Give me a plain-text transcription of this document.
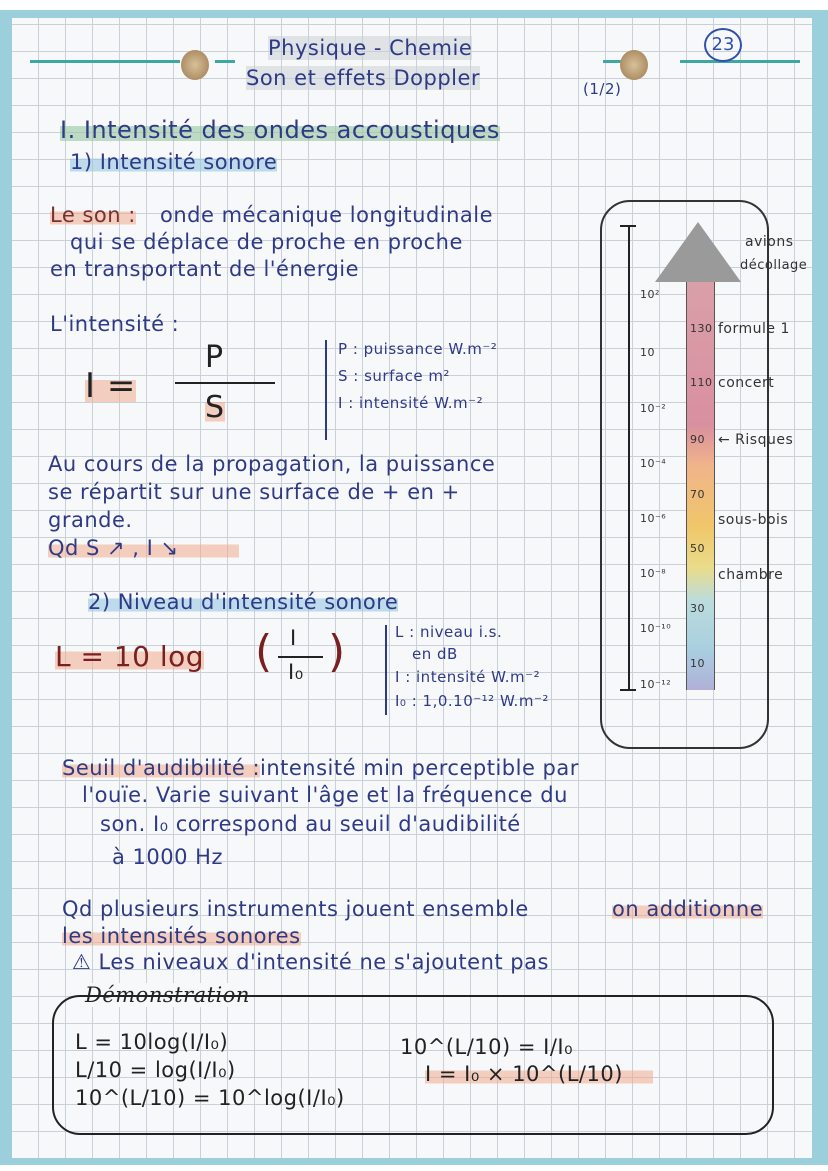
Physique - Chemie
Son et effets Doppler	(1/2)
23
I. Intensité des ondes accoustiques
1) Intensité sonore
Le son : onde mécanique longitudinale
qui se déplace de proche en proche
en transportant de l'énergie
L'intensité :
I =
P
S
P : puissance W.m⁻²
S : surface m²
I : intensité W.m⁻²
Au cours de la propagation, la puissance
se répartit sur une surface de + en +
grande.
Qd S ↗ , I ↘
2) Niveau d'intensité sonore
L = 10 log ( I
I₀ )	L : niveau i.s.
en dB
I : intensité W.m⁻²
I₀ : 1,0.10⁻¹² W.m⁻²
10²
10
10⁻²
10⁻⁴
10⁻⁶
10⁻⁸
10⁻¹⁰
10⁻¹²
130
110
90
70
50
30
10
avions
décollage
formule 1
concert
← Risques
sous-bois
chambre
Seuil d'audibilité : intensité min perceptible par
l'ouïe. Varie suivant l'âge et la fréquence du
son. I₀ correspond au seuil d'audibilité
à 1000 Hz
Qd plusieurs instruments jouent ensemble	on additionne
les intensités sonores
⚠ Les niveaux d'intensité ne s'ajoutent pas
Démonstration
L = 10log(I/I₀)
L/10 = log(I/I₀)
10^(L/10) = 10^log(I/I₀)
10^(L/10) = I/I₀
I = I₀ × 10^(L/10)
